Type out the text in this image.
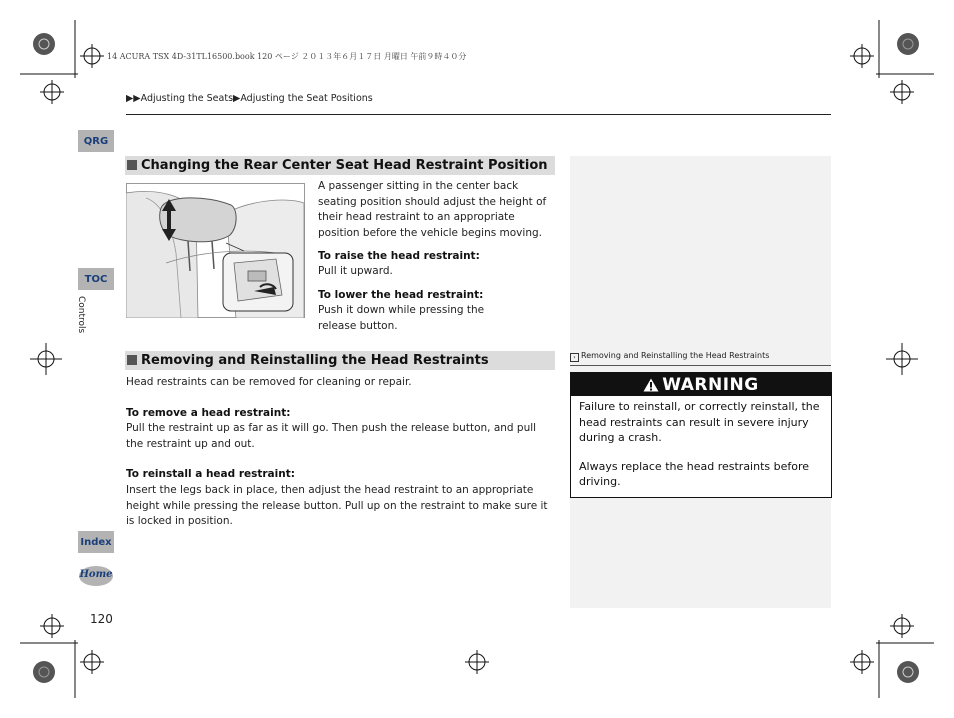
14 ACURA TSX 4D-31TL16500.book 120 ページ ２０１３年６月１７日 月曜日 午前９時４０分
▶▶Adjusting the Seats▶Adjusting the Seat Positions
QRG
TOC
Controls
Index
Home
120
Changing the Rear Center Seat Head Restraint Position
A passenger sitting in the center back seating position should adjust the height of their head restraint to an appropriate position before the vehicle begins moving.
To raise the head restraint:
Pull it upward.
To lower the head restraint:
Push it down while pressing the release button.
Removing and Reinstalling the Head Restraints
Head restraints can be removed for cleaning or repair.
To remove a head restraint:
Pull the restraint up as far as it will go. Then push the release button, and pull the restraint up and out.
To reinstall a head restraint:
Insert the legs back in place, then adjust the head restraint to an appropriate height while pressing the release button. Pull up on the restraint to make sure it is locked in position.
› Removing and Reinstalling the Head Restraints
WARNING
Failure to reinstall, or correctly reinstall, the head restraints can result in severe injury during a crash.
Always replace the head restraints before driving.
